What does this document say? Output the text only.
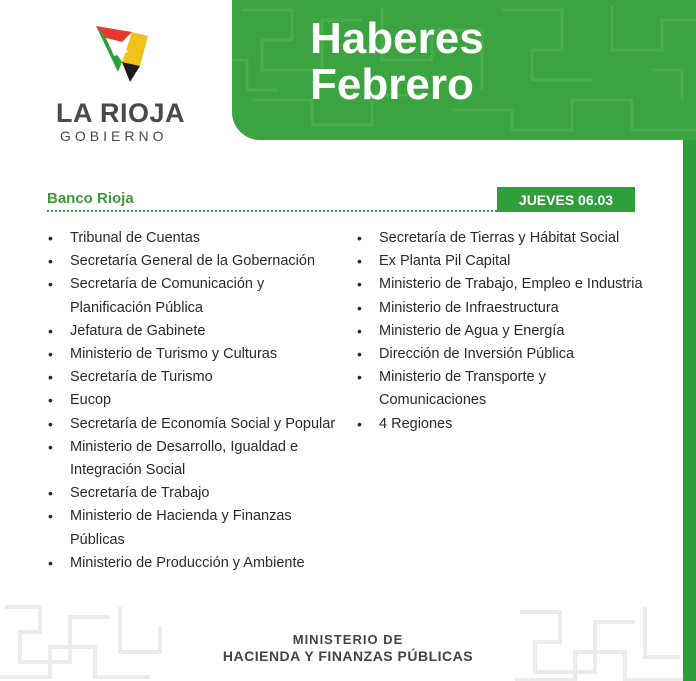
Haberes
Febrero
LA RIOJA
GOBIERNO
Banco Rioja	JUEVES 06.03
• Tribunal de Cuentas
• Secretaría General de la Gobernación
• Secretaría de Comunicación y Planificación Pública
• Jefatura de Gabinete
• Ministerio de Turismo y Culturas
• Secretaría de Turismo
• Eucop
• Secretaría de Economía Social y Popular
• Ministerio de Desarrollo, Igualdad e Integración Social
• Secretaría de Trabajo
• Ministerio de Hacienda y Finanzas Públicas
• Ministerio de Producción y Ambiente
• Secretaría de Tierras y Hábitat Social
• Ex Planta Pil Capital
• Ministerio de Trabajo, Empleo e Industria
• Ministerio de Infraestructura
• Ministerio de Agua y Energía
• Dirección de Inversión Pública
• Ministerio de Transporte y Comunicaciones
• 4 Regiones
MINISTERIO DE
HACIENDA Y FINANZAS PÚBLICAS
